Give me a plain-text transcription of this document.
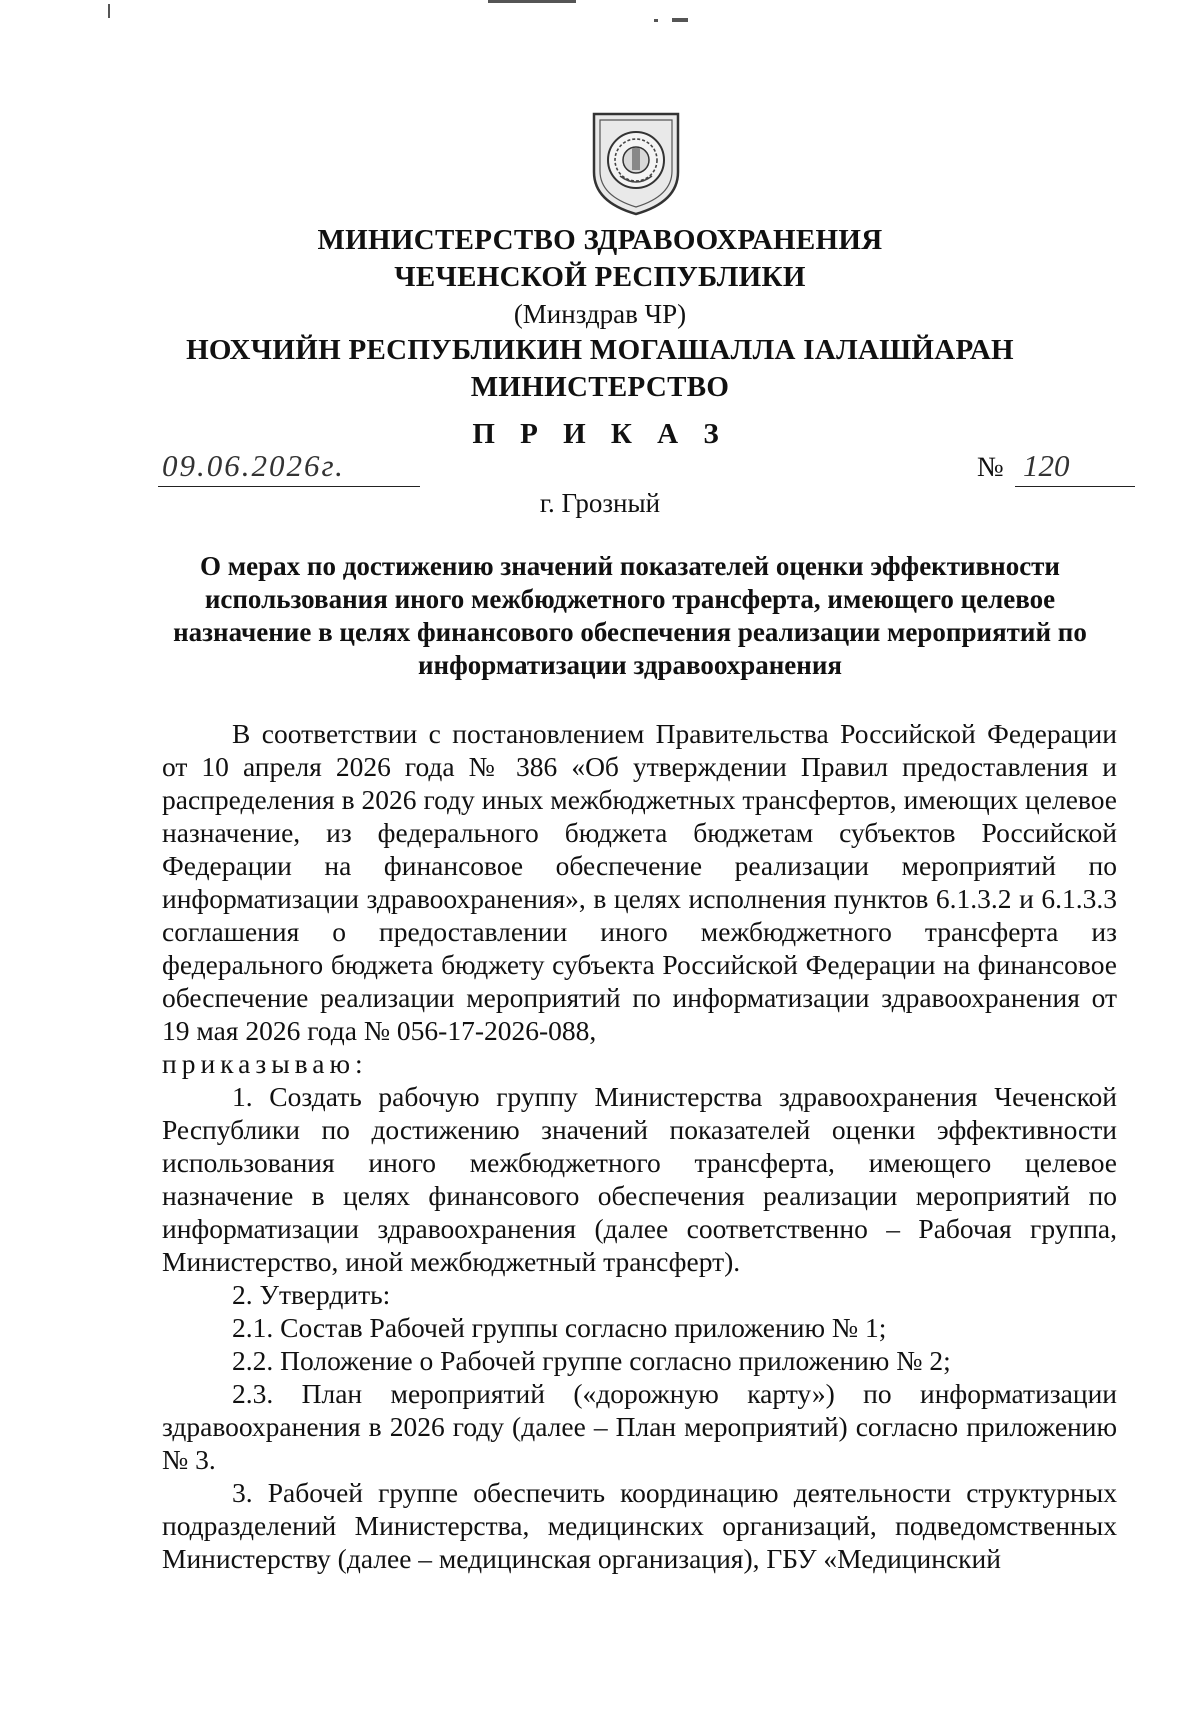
МИНИСТЕРСТВО ЗДРАВООХРАНЕНИЯ
ЧЕЧЕНСКОЙ РЕСПУБЛИКИ
(Минздрав ЧР)
НОХЧИЙН РЕСПУБЛИКИН МОГАШАЛЛА IАЛАШЙАРАН
МИНИСТЕРСТВО
П Р И К А З
09.06.2026г.	№ 120
г. Грозный
О мерах по достижению значений показателей оценки эффективности использования иного межбюджетного трансферта, имеющего целевое назначение в целях финансового обеспечения реализации мероприятий по информатизации здравоохранения

В соответствии с постановлением Правительства Российской Федерации от 10 апреля 2026 года № 386 «Об утверждении Правил предоставления и распределения в 2026 году иных межбюджетных трансфертов, имеющих целевое назначение, из федерального бюджета бюджетам субъектов Российской Федерации на финансовое обеспечение реализации мероприятий по информатизации здравоохранения», в целях исполнения пунктов 6.1.3.2 и 6.1.3.3 соглашения о предоставлении иного межбюджетного трансферта из федерального бюджета бюджету субъекта Российской Федерации на финансовое обеспечение реализации мероприятий по информатизации здравоохранения от 19 мая 2026 года № 056-17-2026-088,

приказываю:

1. Создать рабочую группу Министерства здравоохранения Чеченской Республики по достижению значений показателей оценки эффективности использования иного межбюджетного трансферта, имеющего целевое назначение в целях финансового обеспечения реализации мероприятий по информатизации здравоохранения (далее соответственно – Рабочая группа, Министерство, иной межбюджетный трансферт).

2. Утвердить:

2.1. Состав Рабочей группы согласно приложению № 1;

2.2. Положение о Рабочей группе согласно приложению № 2;

2.3. План мероприятий («дорожную карту») по информатизации здравоохранения в 2026 году (далее – План мероприятий) согласно приложению № 3.

3. Рабочей группе обеспечить координацию деятельности структурных подразделений Министерства, медицинских организаций, подведомственных Министерству (далее – медицинская организация), ГБУ «Медицинский
